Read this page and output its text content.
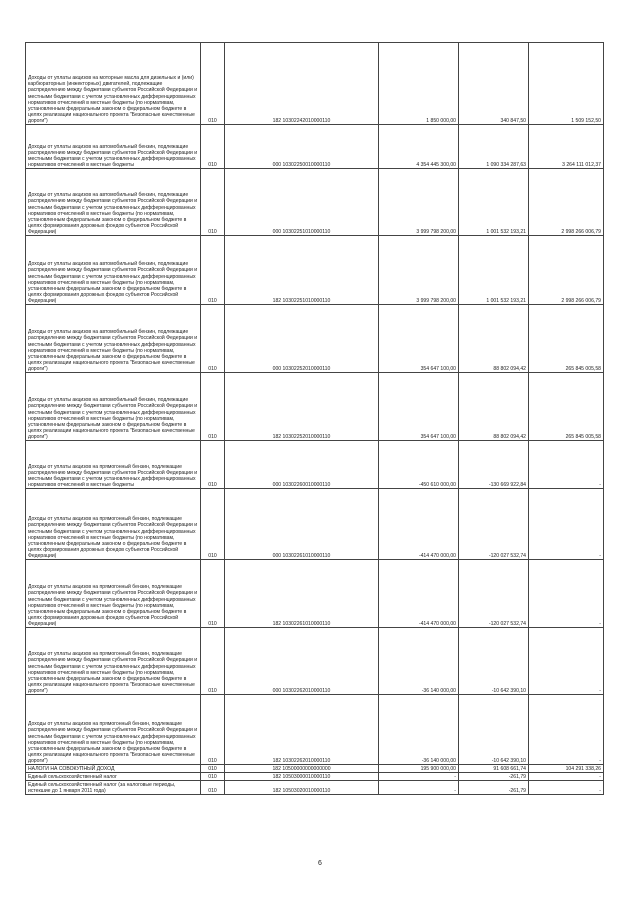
Доходы от уплаты акцизов на моторные масла для дизельных и (или) карбюраторных (инжекторных) двигателей, подлежащие распределению между бюджетами субъектов Российской Федерации и местными бюджетами с учетом установленных дифференцированных нормативов отчислений в местные бюджеты (по нормативам, установленным федеральным законом о федеральном бюджете в целях реализации национального проекта "Безопасные качественные дороги")	010	182 10302242010000110	1 850 000,00	340 847,50	1 509 152,50
Доходы от уплаты акцизов на автомобильный бензин, подлежащие распределению между бюджетами субъектов Российской Федерации и местными бюджетами с учетом установленных дифференцированных нормативов отчислений в местные бюджеты	010	000 10302250010000110	4 354 445 300,00	1 090 334 287,63	3 264 111 012,37
Доходы от уплаты акцизов на автомобильный бензин, подлежащие распределению между бюджетами субъектов Российской Федерации и местными бюджетами с учетом установленных дифференцированных нормативов отчислений в местные бюджеты (по нормативам, установленным федеральным законом о федеральном бюджете в целях формирования дорожных фондов субъектов Российской Федерации)	010	000 10302251010000110	3 999 798 200,00	1 001 532 193,21	2 998 266 006,79
Доходы от уплаты акцизов на автомобильный бензин, подлежащие распределению между бюджетами субъектов Российской Федерации и местными бюджетами с учетом установленных дифференцированных нормативов отчислений в местные бюджеты (по нормативам, установленным федеральным законом о федеральном бюджете в целях формирования дорожных фондов субъектов Российской Федерации)	010	182 10302251010000110	3 999 798 200,00	1 001 532 193,21	2 998 266 006,79
Доходы от уплаты акцизов на автомобильный бензин, подлежащие распределению между бюджетами субъектов Российской Федерации и местными бюджетами с учетом установленных дифференцированных нормативов отчислений в местные бюджеты (по нормативам, установленным федеральным законом о федеральном бюджете в целях реализации национального проекта "Безопасные качественные дороги")	010	000 10302252010000110	354 647 100,00	88 802 094,42	265 845 005,58
Доходы от уплаты акцизов на автомобильный бензин, подлежащие распределению между бюджетами субъектов Российской Федерации и местными бюджетами с учетом установленных дифференцированных нормативов отчислений в местные бюджеты (по нормативам, установленным федеральным законом о федеральном бюджете в целях реализации национального проекта "Безопасные качественные дороги")	010	182 10302252010000110	354 647 100,00	88 802 094,42	265 845 005,58
Доходы от уплаты акцизов на прямогонный бензин, подлежащие распределению между бюджетами субъектов Российской Федерации и местными бюджетами с учетом установленных дифференцированных нормативов отчислений в местные бюджеты	010	000 10302260010000110	-450 610 000,00	-130 669 922,84	-
Доходы от уплаты акцизов на прямогонный бензин, подлежащие распределению между бюджетами субъектов Российской Федерации и местными бюджетами с учетом установленных дифференцированных нормативов отчислений в местные бюджеты (по нормативам, установленным федеральным законом о федеральном бюджете в целях формирования дорожных фондов субъектов Российской Федерации)	010	000 10302261010000110	-414 470 000,00	-120 027 532,74	-
Доходы от уплаты акцизов на прямогонный бензин, подлежащие распределению между бюджетами субъектов Российской Федерации и местными бюджетами с учетом установленных дифференцированных нормативов отчислений в местные бюджеты (по нормативам, установленным федеральным законом о федеральном бюджете в целях формирования дорожных фондов субъектов Российской Федерации)	010	182 10302261010000110	-414 470 000,00	-120 027 532,74	-
Доходы от уплаты акцизов на прямогонный бензин, подлежащие распределению между бюджетами субъектов Российской Федерации и местными бюджетами с учетом установленных дифференцированных нормативов отчислений в местные бюджеты (по нормативам, установленным федеральным законом о федеральном бюджете в целях реализации национального проекта "Безопасные качественные дороги")	010	000 10302262010000110	-36 140 000,00	-10 642 390,10	-
Доходы от уплаты акцизов на прямогонный бензин, подлежащие распределению между бюджетами субъектов Российской Федерации и местными бюджетами с учетом установленных дифференцированных нормативов отчислений в местные бюджеты (по нормативам, установленным федеральным законом о федеральном бюджете в целях реализации национального проекта "Безопасные качественные дороги")	010	182 10302262010000110	-36 140 000,00	-10 642 390,10	-
НАЛОГИ НА СОВОКУПНЫЙ ДОХОД	010	182 10500000000000000	195 900 000,00	91 608 661,74	104 291 338,26
Единый сельскохозяйственный налог	010	182 10503000010000110	-	-261,79	-
Единый сельскохозяйственный налог (за налоговые периоды, истекшие до 1 января 2011 года)	010	182 10503020010000110	-	-261,79	-
6
